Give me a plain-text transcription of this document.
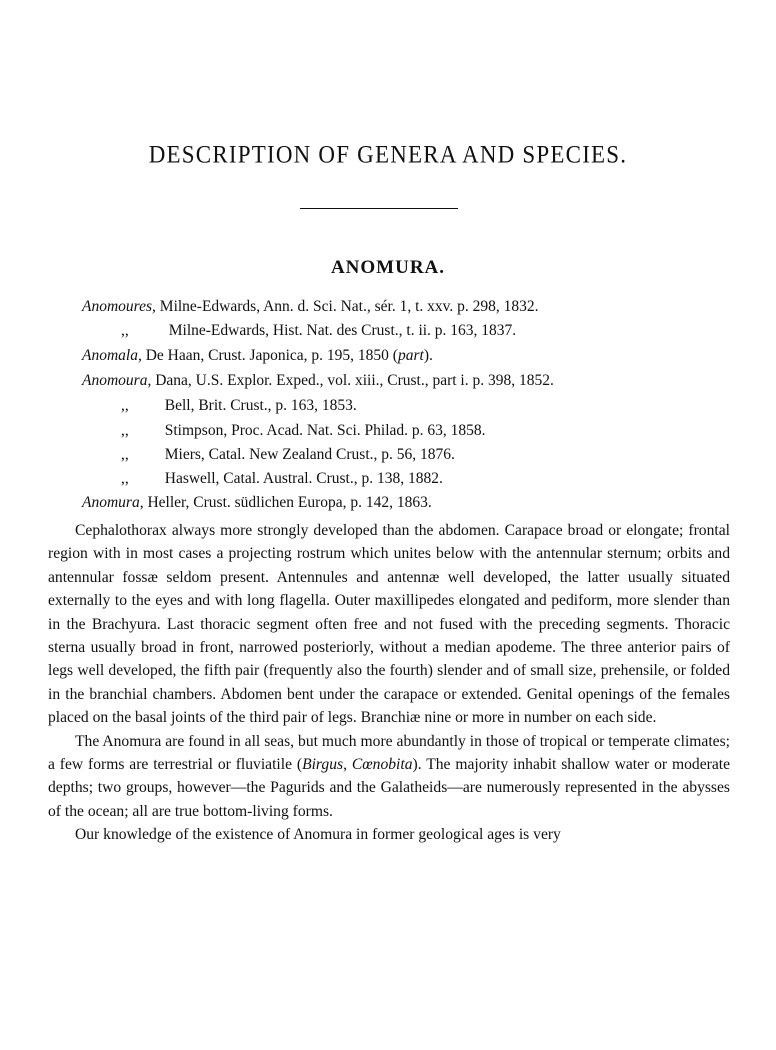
DESCRIPTION OF GENERA AND SPECIES.
ANOMURA.
Anomoures, Milne-Edwards, Ann. d. Sci. Nat., sér. 1, t. xxv. p. 298, 1832.
,,	Milne-Edwards, Hist. Nat. des Crust., t. ii. p. 163, 1837.
Anomala, De Haan, Crust. Japonica, p. 195, 1850 (part).
Anomoura, Dana, U.S. Explor. Exped., vol. xiii., Crust., part i. p. 398, 1852.
,, Bell, Brit. Crust., p. 163, 1853.
,, Stimpson, Proc. Acad. Nat. Sci. Philad. p. 63, 1858.
,, Miers, Catal. New Zealand Crust., p. 56, 1876.
,, Haswell, Catal. Austral. Crust., p. 138, 1882.
Anomura, Heller, Crust. südlichen Europa, p. 142, 1863.

Cephalothorax always more strongly developed than the abdomen. Carapace broad or elongate; frontal region with in most cases a projecting rostrum which unites below with the antennular sternum; orbits and antennular fossæ seldom present. Antennules and antennæ well developed, the latter usually situated externally to the eyes and with long flagella. Outer maxillipedes elongated and pediform, more slender than in the Brachyura. Last thoracic segment often free and not fused with the preceding segments. Thoracic sterna usually broad in front, narrowed posteriorly, without a median apodeme. The three anterior pairs of legs well developed, the fifth pair (frequently also the fourth) slender and of small size, prehensile, or folded in the branchial chambers. Abdomen bent under the carapace or extended. Genital openings of the females placed on the basal joints of the third pair of legs. Branchiæ nine or more in number on each side.

The Anomura are found in all seas, but much more abundantly in those of tropical or temperate climates; a few forms are terrestrial or fluviatile (Birgus, Cœnobita). The majority inhabit shallow water or moderate depths; two groups, however—the Pagurids and the Galatheids—are numerously represented in the abysses of the ocean; all are true bottom-living forms.

Our knowledge of the existence of Anomura in former geological ages is very
